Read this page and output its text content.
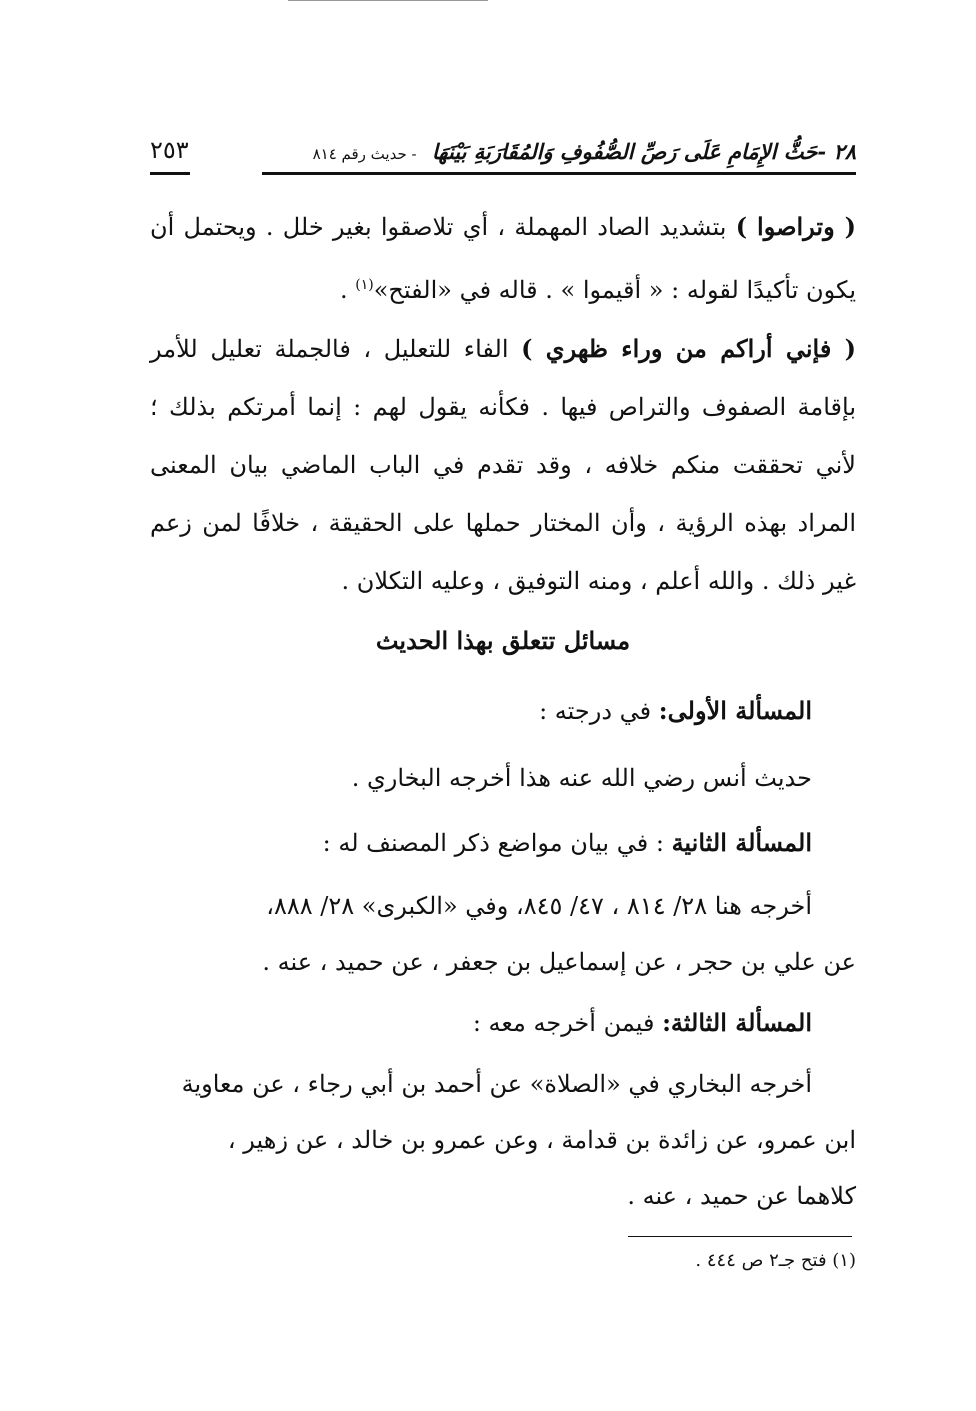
٢٨ -حَثُّ الإِمَامِ عَلَى رَصِّ الصُّفُوفِ وَالمُقَارَبَةِ بَيْنَهَا - حديث رقم ٨١٤
٢٥٣

( وتراصوا ) بتشديد الصاد المهملة ، أي تلاصقوا بغير خلل . ويحتمل أن يكون تأكيدًا لقوله : « أقيموا » . قاله في «الفتح»$^{(١)}$ .

( فإني أراكم من وراء ظهري ) الفاء للتعليل ، فالجملة تعليل للأمر بإقامة الصفوف والتراص فيها . فكأنه يقول لهم : إنما أمرتكم بذلك ؛ لأني تحققت منكم خلافه ، وقد تقدم في الباب الماضي بيان المعنى المراد بهذه الرؤية ، وأن المختار حملها على الحقيقة ، خلافًا لمن زعم غير ذلك . والله أعلم ، ومنه التوفيق ، وعليه التكلان .

مسائل تتعلق بهذا الحديث
المسألة الأولى: في درجته :
حديث أنس رضي الله عنه هذا أخرجه البخاري .
المسألة الثانية : في بيان مواضع ذكر المصنف له :
أخرجه هنا ٢٨/ ٨١٤ ، ٤٧/ ٨٤٥، وفي «الكبرى» ٢٨/ ٨٨٨،
عن علي بن حجر ، عن إسماعيل بن جعفر ، عن حميد ، عنه .
المسألة الثالثة: فيمن أخرجه معه :
أخرجه البخاري في «الصلاة» عن أحمد بن أبي رجاء ، عن معاوية
ابن عمرو، عن زائدة بن قدامة ، وعن عمرو بن خالد ، عن زهير ،
كلاهما عن حميد ، عنه .
(١) فتح جـ٢ ص ٤٤٤ .
